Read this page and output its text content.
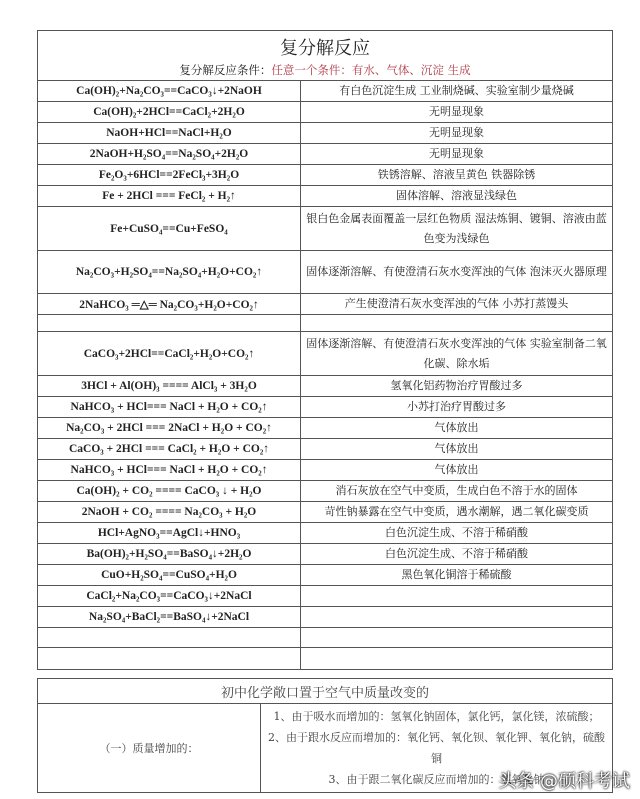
复分解反应	
复分解反应条件：任意一个条件：有水、气体、沉淀 生成	
Ca(OH)₂+Na₂CO₃==CaCO₃↓+2NaOH	有白色沉淀生成 工业制烧碱、实验室制少量烧碱
Ca(OH)₂+2HCl==CaCl₂+2H₂O	无明显现象
NaOH+HCl==NaCl+H₂O	无明显现象
2NaOH+H₂SO₄==Na₂SO₄+2H₂O	无明显现象
Fe₂O₃+6HCl==2FeCl₃+3H₂O	铁锈溶解、溶液呈黄色 铁器除锈
Fe + 2HCl === FeCl₂ + H₂↑	固体溶解、溶液显浅绿色
Fe+CuSO₄==Cu+FeSO₄	银白色金属表面覆盖一层红色物质 湿法炼铜、镀铜、溶液由蓝色变为浅绿色
Na₂CO₃+H₂SO₄==Na₂SO₄+H₂O+CO₂↑	固体逐渐溶解、有使澄清石灰水变浑浊的气体 泡沫灭火器原理
2NaHCO₃ ═△═ Na₂CO₃+H₂O+CO₂↑	产生使澄清石灰水变浑浊的气体 小苏打蒸馒头

CaCO₃+2HCl==CaCl₂+H₂O+CO₂↑	固体逐渐溶解、有使澄清石灰水变浑浊的气体 实验室制备二氧化碳、除水垢
3HCl + Al(OH)₃ ==== AlCl₃ + 3H₂O	氢氧化铝药物治疗胃酸过多
NaHCO₃ + HCl=== NaCl + H₂O + CO₂↑	小苏打治疗胃酸过多
Na₂CO₃ + 2HCl === 2NaCl + H₂O + CO₂↑	气体放出
CaCO₃ + 2HCl === CaCl₂ + H₂O + CO₂↑	气体放出
NaHCO₃ + HCl=== NaCl + H₂O + CO₂↑	气体放出
Ca(OH)₂ + CO₂ ==== CaCO₃ ↓ + H₂O	消石灰放在空气中变质，生成白色不溶于水的固体
2NaOH + CO₂ ==== Na₂CO₃ + H₂O	苛性钠暴露在空气中变质，遇水潮解，遇二氧化碳变质
HCl+AgNO₃==AgCl↓+HNO₃	白色沉淀生成、不溶于稀硝酸
Ba(OH)₂+H₂SO₄==BaSO₄↓+2H₂O	白色沉淀生成、不溶于稀硝酸
CuO+H₂SO₄==CuSO₄+H₂O	黑色氧化铜溶于稀硫酸
CaCl₂+Na₂CO₃==CaCO₃↓+2NaCl	
Na₂SO₄+BaCl₂==BaSO₄↓+2NaCl	

初中化学敞口置于空气中质量改变的
（一）质量增加的：	
1、由于吸水而增加的：氢氧化钠固体，氯化钙，氯化镁，浓硫酸；
2、由于跟水反应而增加的：氧化钙、氧化钡、氧化钾、氧化钠，硫酸铜
3、由于跟二氧化碳反应而增加的：氢氧化钠
头条 @硕科考试
